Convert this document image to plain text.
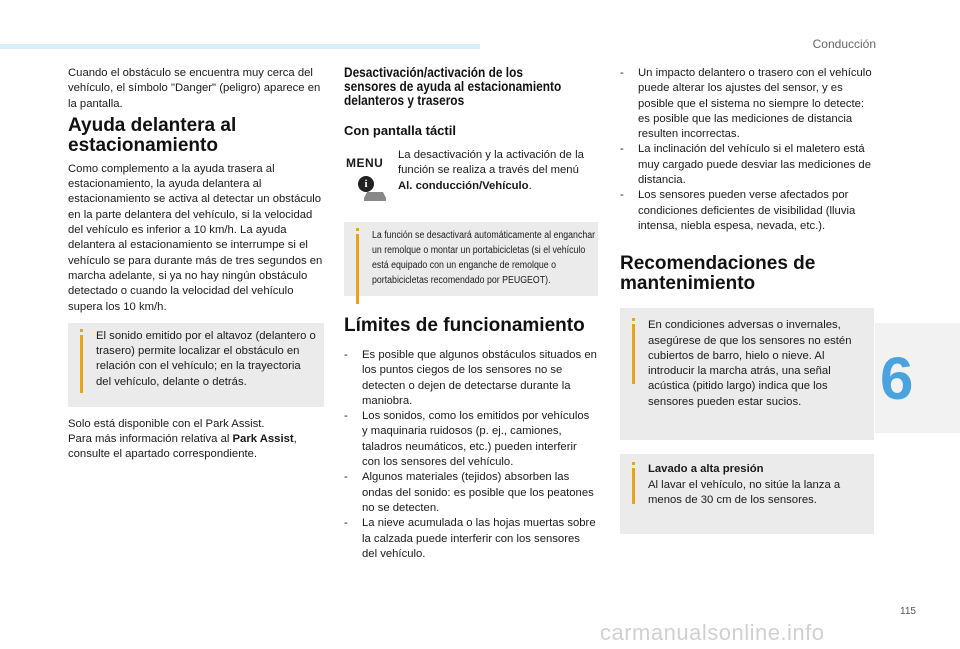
Conducción
6

Cuando el obstáculo se encuentra muy cerca del vehículo, el símbolo "Danger" (peligro) aparece en la pantalla.

Ayuda delantera al
estacionamiento

Como complemento a la ayuda trasera al estacionamiento, la ayuda delantera al estacionamiento se activa al detectar un obstáculo en la parte delantera del vehículo, si la velocidad del vehículo es inferior a 10 km/h. La ayuda delantera al estacionamiento se interrumpe si el vehículo se para durante más de tres segundos en marcha adelante, si ya no hay ningún obstáculo detectado o cuando la velocidad del vehículo supera los 10 km/h.

El sonido emitido por el altavoz (delantero o trasero) permite localizar el obstáculo en relación con el vehículo; en la trayectoria del vehículo, delante o detrás.

Solo está disponible con el Park Assist.

Para más información relativa al Park Assist, consulte el apartado correspondiente.

Desactivación/activación de los
sensores de ayuda al estacionamiento
delanteros y traseros
Con pantalla táctil
MENU
i

La desactivación y la activación de la función se realiza a través del menú Al. conducción/Vehículo.

La función se desactivará automáticamente al enganchar un remolque o montar un portabicicletas (si el vehículo está equipado con un enganche de remolque o portabicicletas recomendado por PEUGEOT).

Límites de funcionamiento
- Es posible que algunos obstáculos situados en los puntos ciegos de los sensores no se detecten o dejen de detectarse durante la maniobra.
- Los sonidos, como los emitidos por vehículos y maquinaria ruidosos (p. ej., camiones, taladros neumáticos, etc.) pueden interferir con los sensores del vehículo.
- Algunos materiales (tejidos) absorben las ondas del sonido: es posible que los peatones no se detecten.
- La nieve acumulada o las hojas muertas sobre la calzada puede interferir con los sensores del vehículo.
- Un impacto delantero o trasero con el vehículo puede alterar los ajustes del sensor, y es posible que el sistema no siempre lo detecte: es posible que las mediciones de distancia resulten incorrectas.
- La inclinación del vehículo si el maletero está muy cargado puede desviar las mediciones de distancia.
- Los sensores pueden verse afectados por condiciones deficientes de visibilidad (lluvia intensa, niebla espesa, nevada, etc.).
Recomendaciones de
mantenimiento

En condiciones adversas o invernales, asegúrese de que los sensores no estén cubiertos de barro, hielo o nieve. Al introducir la marcha atrás, una señal acústica (pitido largo) indica que los sensores pueden estar sucios.

Lavado a alta presión

Al lavar el vehículo, no sitúe la lanza a menos de 30 cm de los sensores.

115
carmanualsonline.info
